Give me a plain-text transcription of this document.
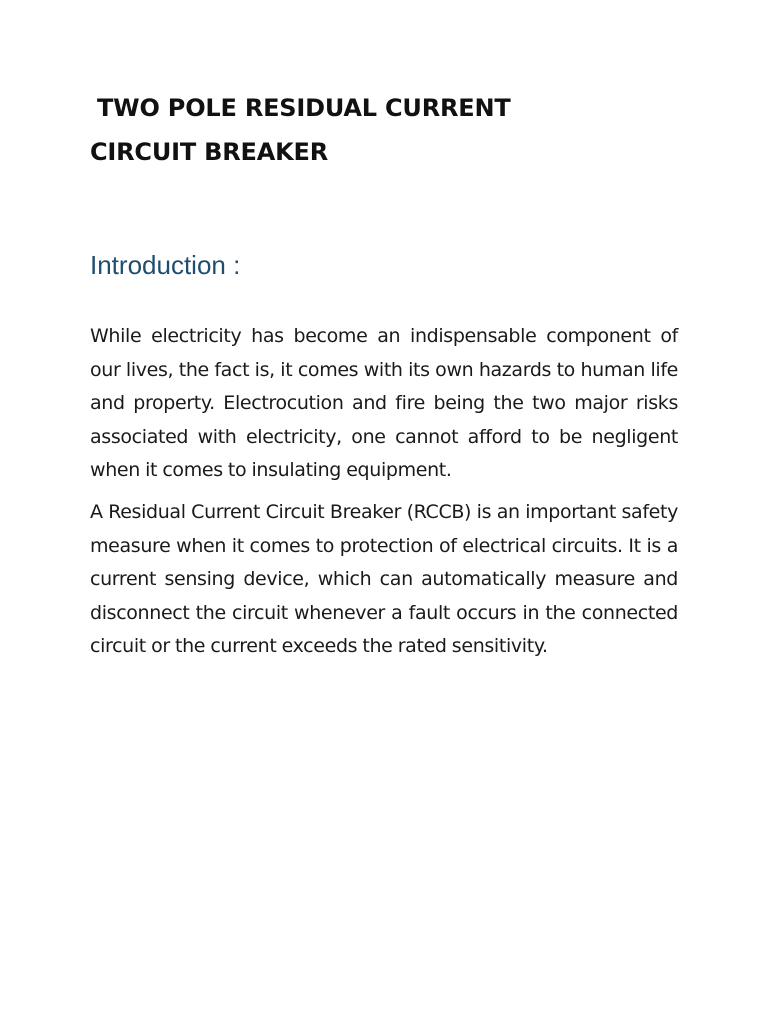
TWO POLE RESIDUAL CURRENT
CIRCUIT BREAKER
Introduction :

While electricity has become an indispensable component of our lives, the fact is, it comes with its own hazards to human life and property. Electrocution and fire being the two major risks associated with electricity, one cannot afford to be negligent when it comes to insulating equipment.

A Residual Current Circuit Breaker (RCCB) is an important safety measure when it comes to protection of electrical circuits. It is a current sensing device, which can automatically measure and disconnect the circuit whenever a fault occurs in the connected circuit or the current exceeds the rated sensitivity.
